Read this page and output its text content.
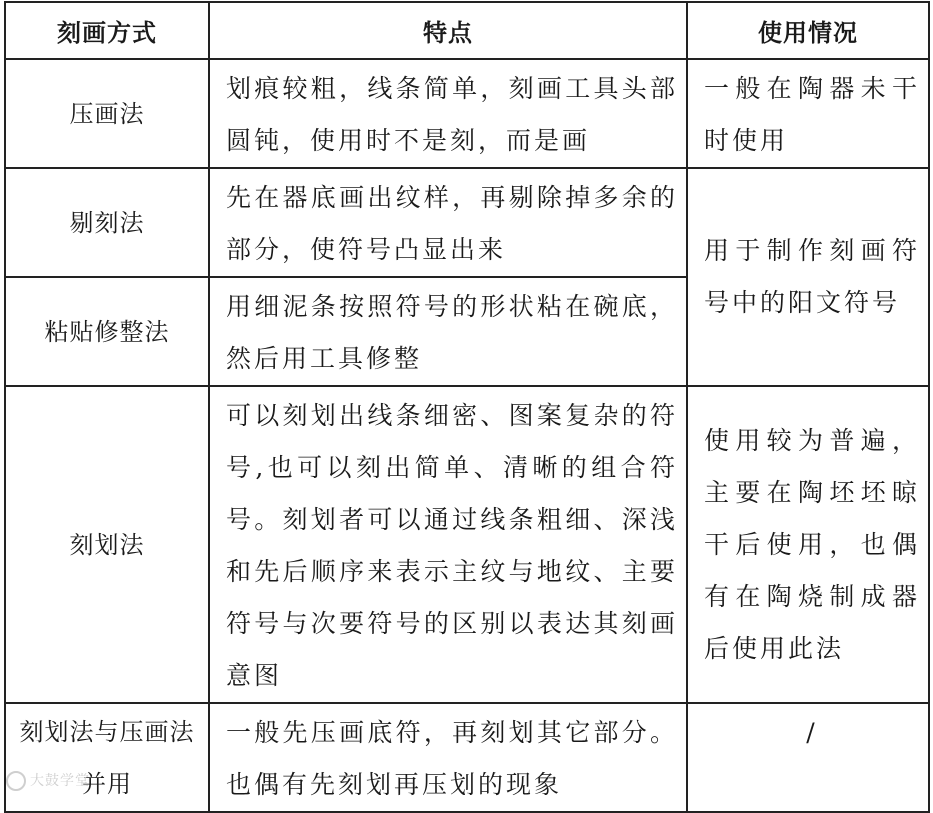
刻画方式	特点	使用情况
压画法	划痕较粗，线条简单，刻画工具头部圆钝，使用时不是刻，而是画	一般在陶器未干时使用
剔刻法	先在器底画出纹样，再剔除掉多余的部分，使符号凸显出来	用于制作刻画符号中的阳文符号
粘贴修整法	用细泥条按照符号的形状粘在碗底，然后用工具修整	
刻划法	可以刻划出线条细密、图案复杂的符号,也可以刻出简单、清晰的组合符号。刻划者可以通过线条粗细、深浅和先后顺序来表示主纹与地纹、主要符号与次要符号的区别以表达其刻画意图	使用较为普遍，主要在陶坯坯晾干后使用，也偶有在陶烧制成器后使用此法
刻划法与压画法并用	一般先压画底符，再刻划其它部分。也偶有先刻划再压划的现象	/
大鼓学堂
